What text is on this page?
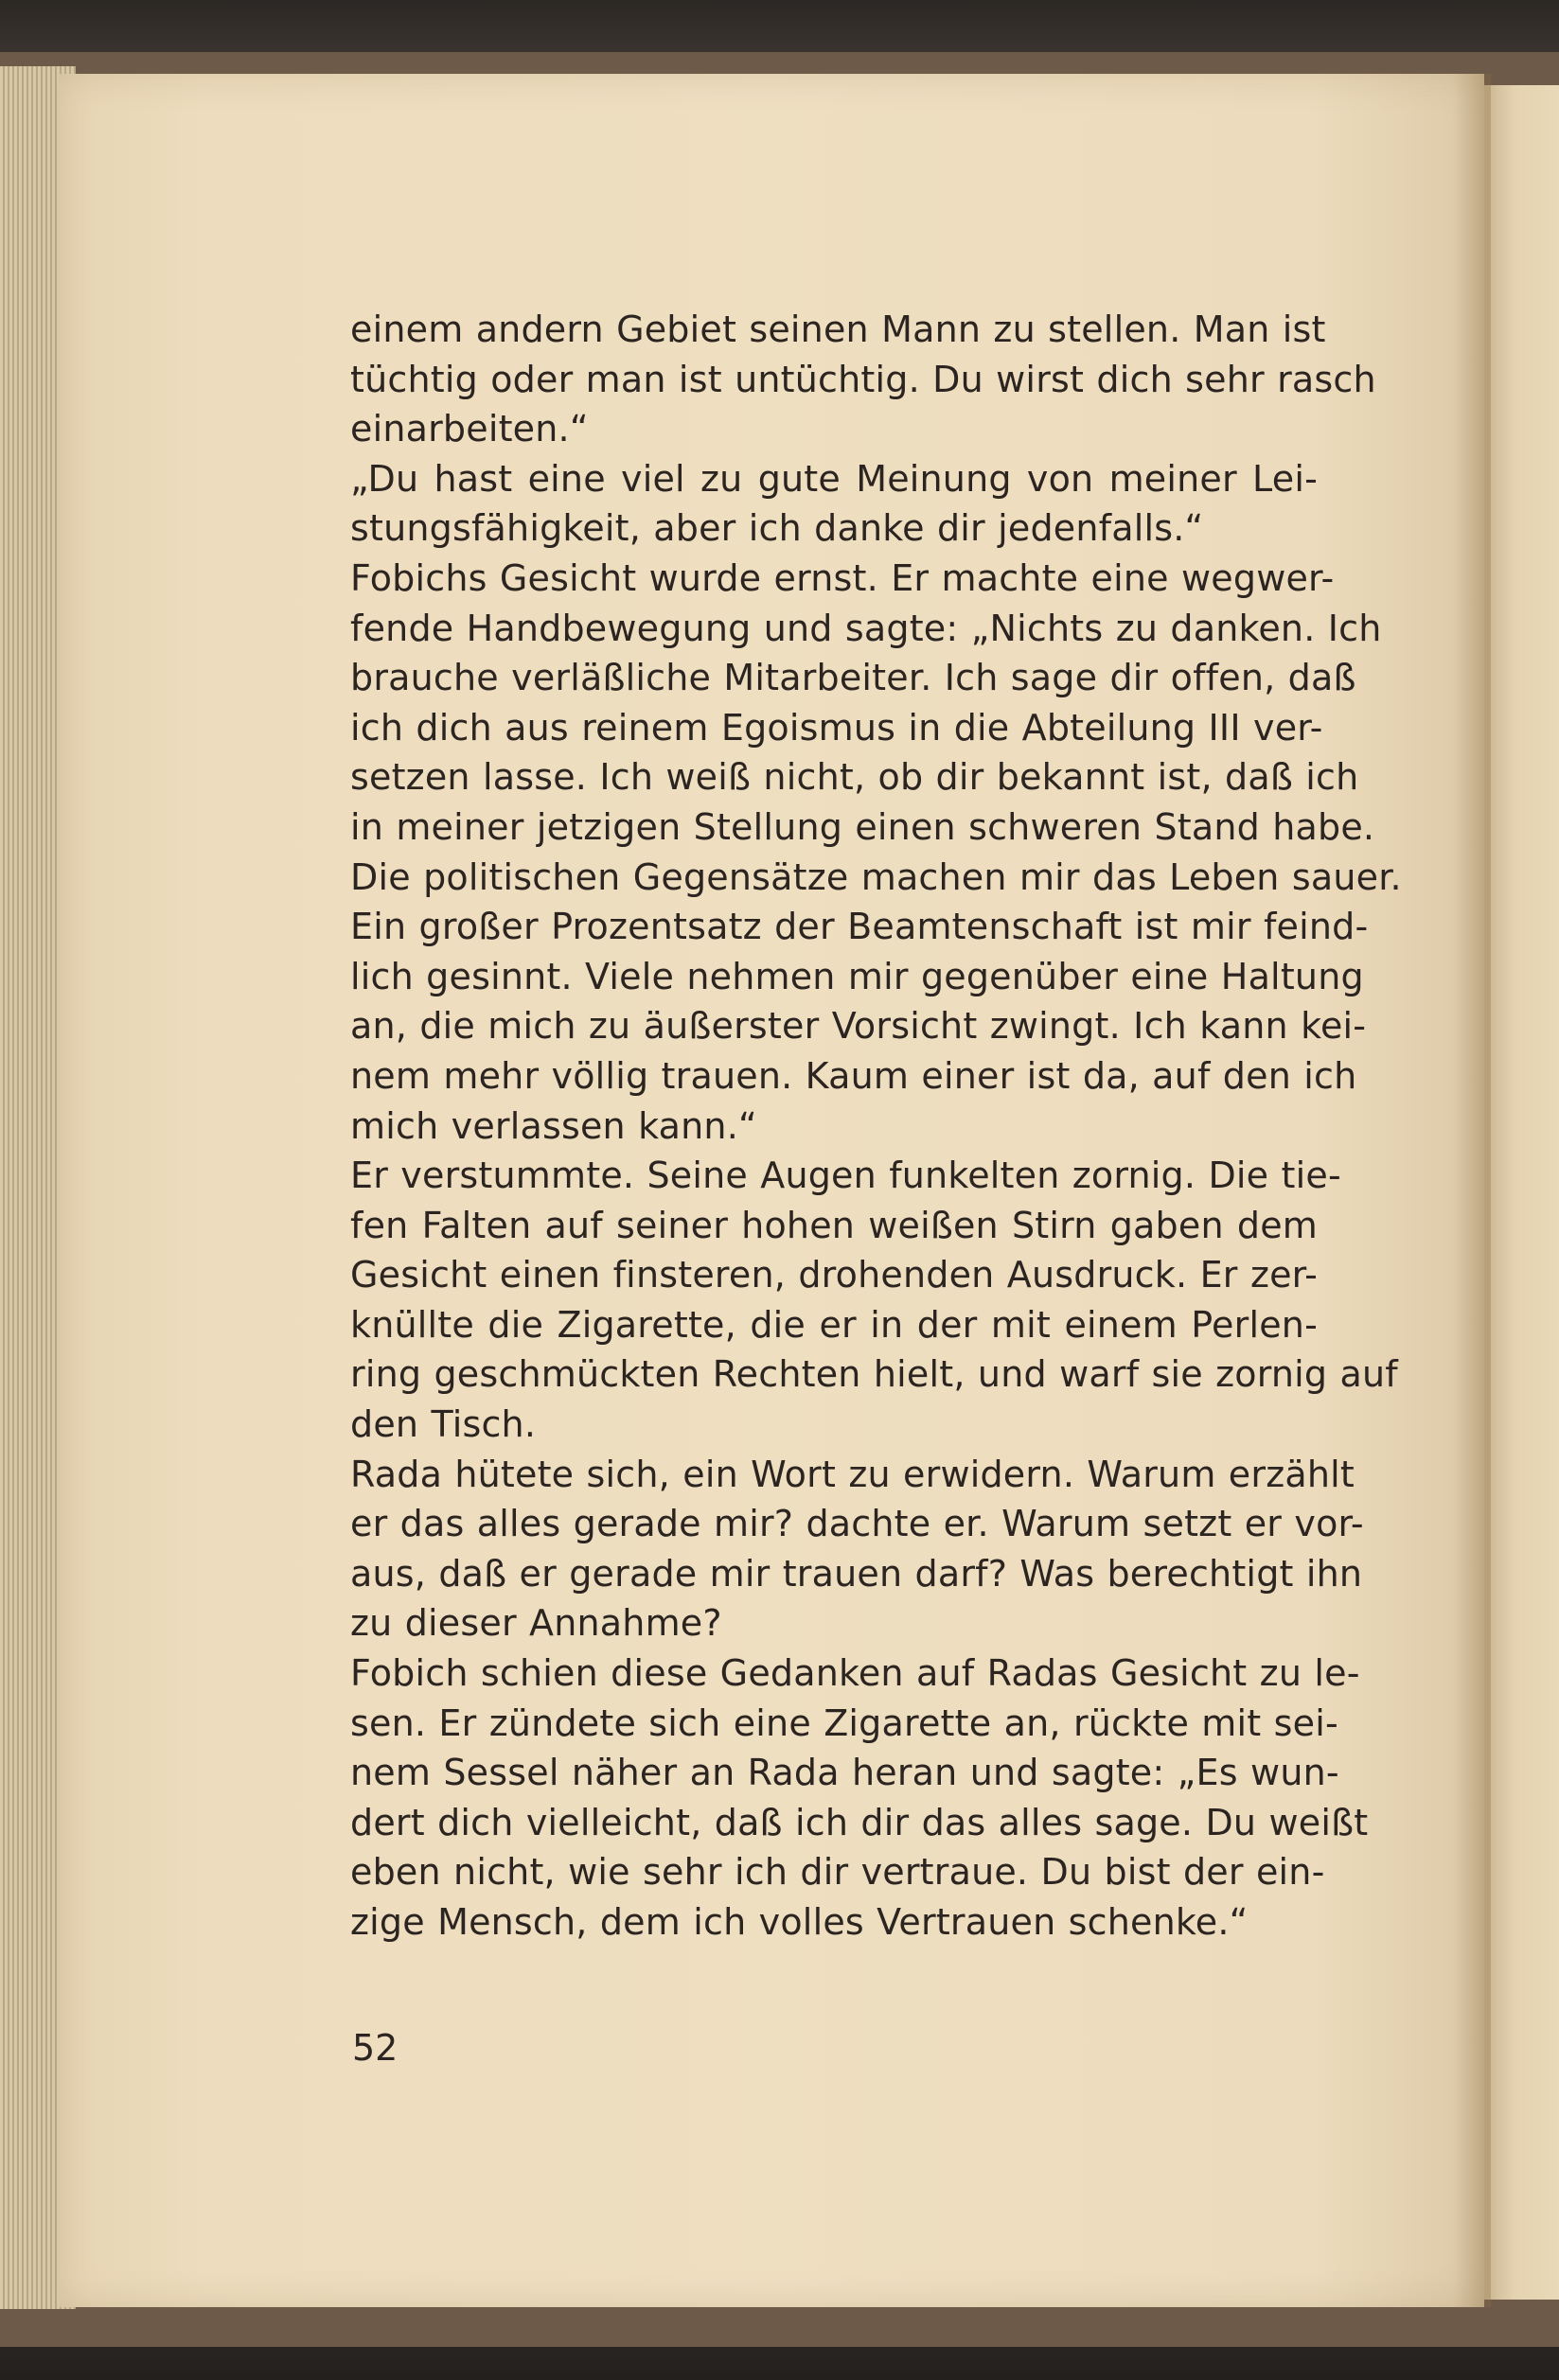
einem andern Gebiet seinen Mann zu stellen. Man ist
tüchtig oder man ist untüchtig. Du wirst dich sehr rasch
einarbeiten.“
„Du hast eine viel zu gute Meinung von meiner Lei-
stungsfähigkeit, aber ich danke dir jedenfalls.“
Fobichs Gesicht wurde ernst. Er machte eine wegwer-
fende Handbewegung und sagte: „Nichts zu danken. Ich
brauche verläßliche Mitarbeiter. Ich sage dir offen, daß
ich dich aus reinem Egoismus in die Abteilung III ver-
setzen lasse. Ich weiß nicht, ob dir bekannt ist, daß ich
in meiner jetzigen Stellung einen schweren Stand habe.
Die politischen Gegensätze machen mir das Leben sauer.
Ein großer Prozentsatz der Beamtenschaft ist mir feind-
lich gesinnt. Viele nehmen mir gegenüber eine Haltung
an, die mich zu äußerster Vorsicht zwingt. Ich kann kei-
nem mehr völlig trauen. Kaum einer ist da, auf den ich
mich verlassen kann.“
Er verstummte. Seine Augen funkelten zornig. Die tie-
fen Falten auf seiner hohen weißen Stirn gaben dem
Gesicht einen finsteren, drohenden Ausdruck. Er zer-
knüllte die Zigarette, die er in der mit einem Perlen-
ring geschmückten Rechten hielt, und warf sie zornig auf
den Tisch.
Rada hütete sich, ein Wort zu erwidern. Warum erzählt
er das alles gerade mir? dachte er. Warum setzt er vor-
aus, daß er gerade mir trauen darf? Was berechtigt ihn
zu dieser Annahme?
Fobich schien diese Gedanken auf Radas Gesicht zu le-
sen. Er zündete sich eine Zigarette an, rückte mit sei-
nem Sessel näher an Rada heran und sagte: „Es wun-
dert dich vielleicht, daß ich dir das alles sage. Du weißt
eben nicht, wie sehr ich dir vertraue. Du bist der ein-
zige Mensch, dem ich volles Vertrauen schenke.“
52
